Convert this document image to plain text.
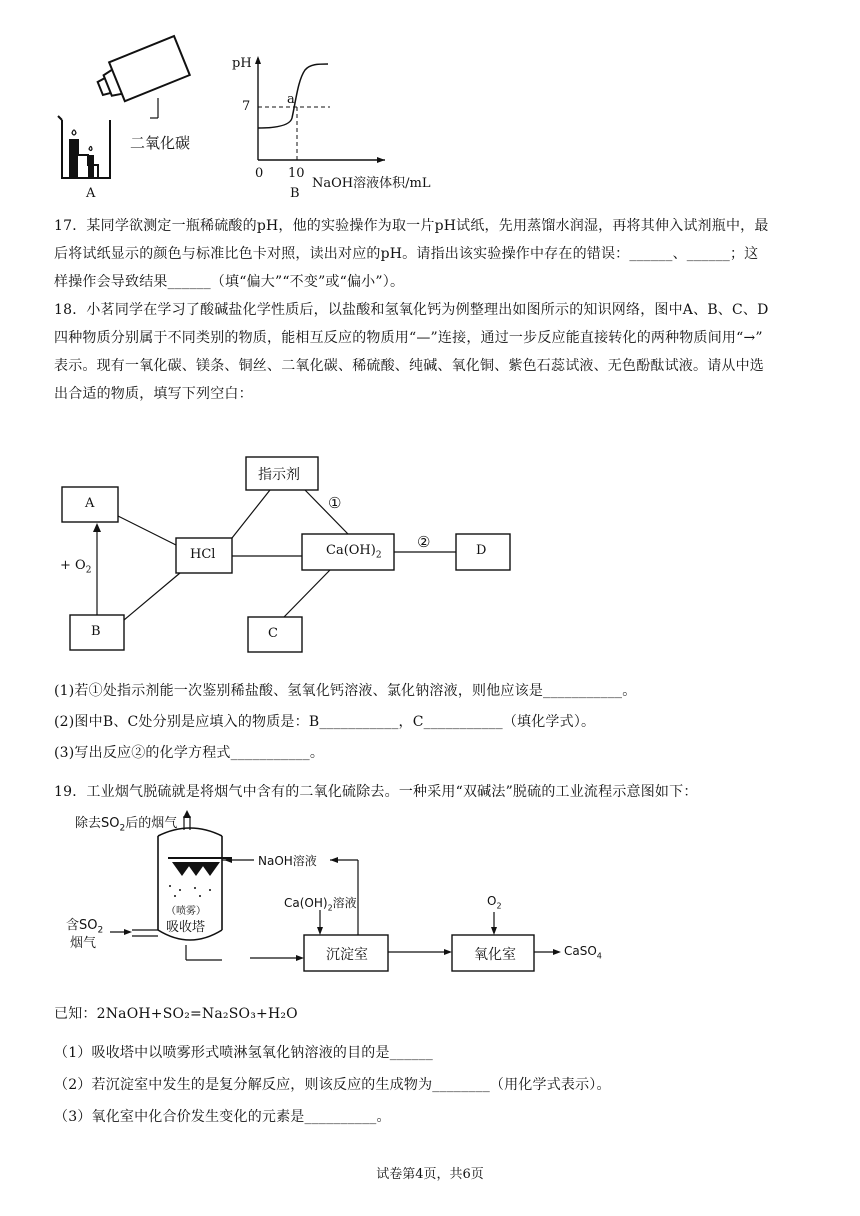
二氧化碳
A
pH
7	a
0 10
NaOH溶液体积/mL
B
17．某同学欲测定一瓶稀硫酸的pH，他的实验操作为取一片pH试纸，先用蒸馏水润湿，再将其伸入试剂瓶中，最
后将试纸显示的颜色与标准比色卡对照，读出对应的pH。请指出该实验操作中存在的错误：______、______；这
样操作会导致结果______（填“偏大”“不变”或“偏小”）。
18．小茗同学在学习了酸碱盐化学性质后，以盐酸和氢氧化钙为例整理出如图所示的知识网络，图中A、B、C、D
四种物质分别属于不同类别的物质，能相互反应的物质用“—”连接，通过一步反应能直接转化的两种物质间用“→”
表示。现有一氧化碳、镁条、铜丝、二氧化碳、稀硫酸、纯碱、氧化铜、紫色石蕊试液、无色酚酞试液。请从中选
出合适的物质，填写下列空白：
指示剂
A
HCl	$Ca(OH)_2$	D
B	C
+ $O_2$
①
②
(1)若①处指示剂能一次鉴别稀盐酸、氢氧化钙溶液、氯化钠溶液，则他应该是___________。
(2)图中B、C处分别是应填入的物质是：B___________，C___________（填化学式）。
(3)写出反应②的化学方程式___________。
19．工业烟气脱硫就是将烟气中含有的二氧化硫除去。一种采用“双碱法”脱硫的工业流程示意图如下：
除去$SO_2$后的烟气
NaOH溶液
$Ca(OH)_2$溶液	$O_2$
（喷雾）
吸收塔
含$SO_2$
烟气
沉淀室	氧化室	CaSO$_4$
已知：2NaOH+SO₂=Na₂SO₃+H₂O
（1）吸收塔中以喷雾形式喷淋氢氧化钠溶液的目的是______
（2）若沉淀室中发生的是复分解反应，则该反应的生成物为________（用化学式表示）。
（3）氧化室中化合价发生变化的元素是__________。
试卷第4页，共6页
